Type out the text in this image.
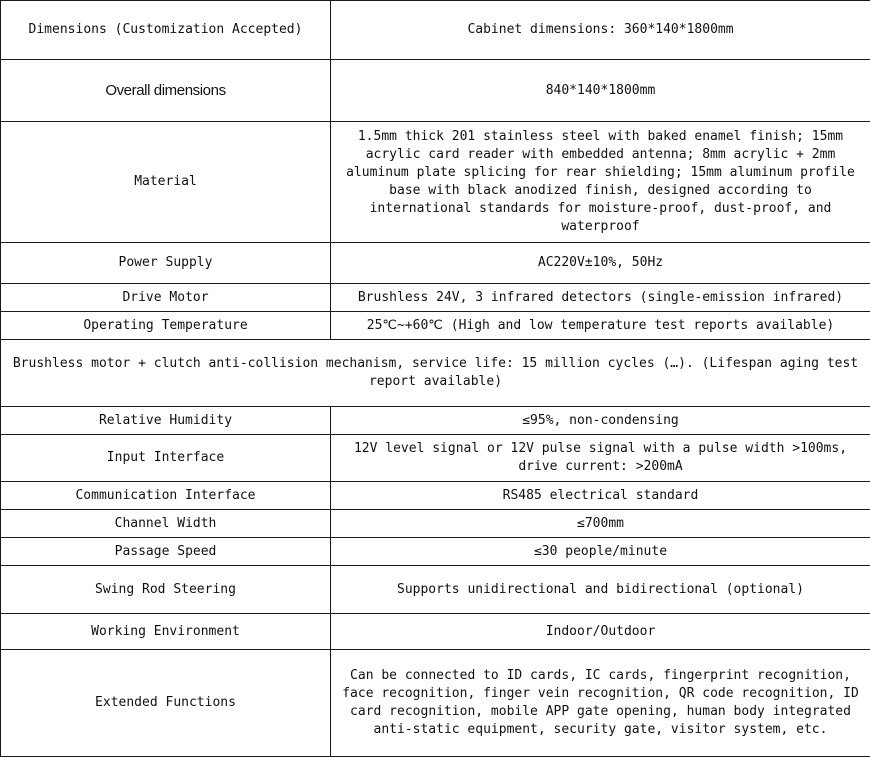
Dimensions (Customization Accepted)	Cabinet dimensions: 360*140*1800mm
Overall dimensions	840*140*1800mm
Material	1.5mm thick 201 stainless steel with baked enamel finish; 15mm acrylic card reader with embedded antenna; 8mm acrylic + 2mm aluminum plate splicing for rear shielding; 15mm aluminum profile base with black anodized finish, designed according to international standards for moisture-proof, dust-proof, and waterproof
Power Supply	AC220V±10%, 50Hz
Drive Motor	Brushless 24V, 3 infrared detectors (single-emission infrared)
Operating Temperature	25℃~+60℃ (High and low temperature test reports available)
Brushless motor + clutch anti-collision mechanism, service life: 15 million cycles (…). (Lifespan aging test report available)	
Relative Humidity	≤95%, non-condensing
Input Interface	12V level signal or 12V pulse signal with a pulse width >100ms, drive current: >200mA
Communication Interface	RS485 electrical standard
Channel Width	≤700mm
Passage Speed	≤30 people/minute
Swing Rod Steering	Supports unidirectional and bidirectional (optional)
Working Environment	Indoor/Outdoor
Extended Functions	Can be connected to ID cards, IC cards, fingerprint recognition, face recognition, finger vein recognition, QR code recognition, ID card recognition, mobile APP gate opening, human body integrated anti-static equipment, security gate, visitor system, etc.
